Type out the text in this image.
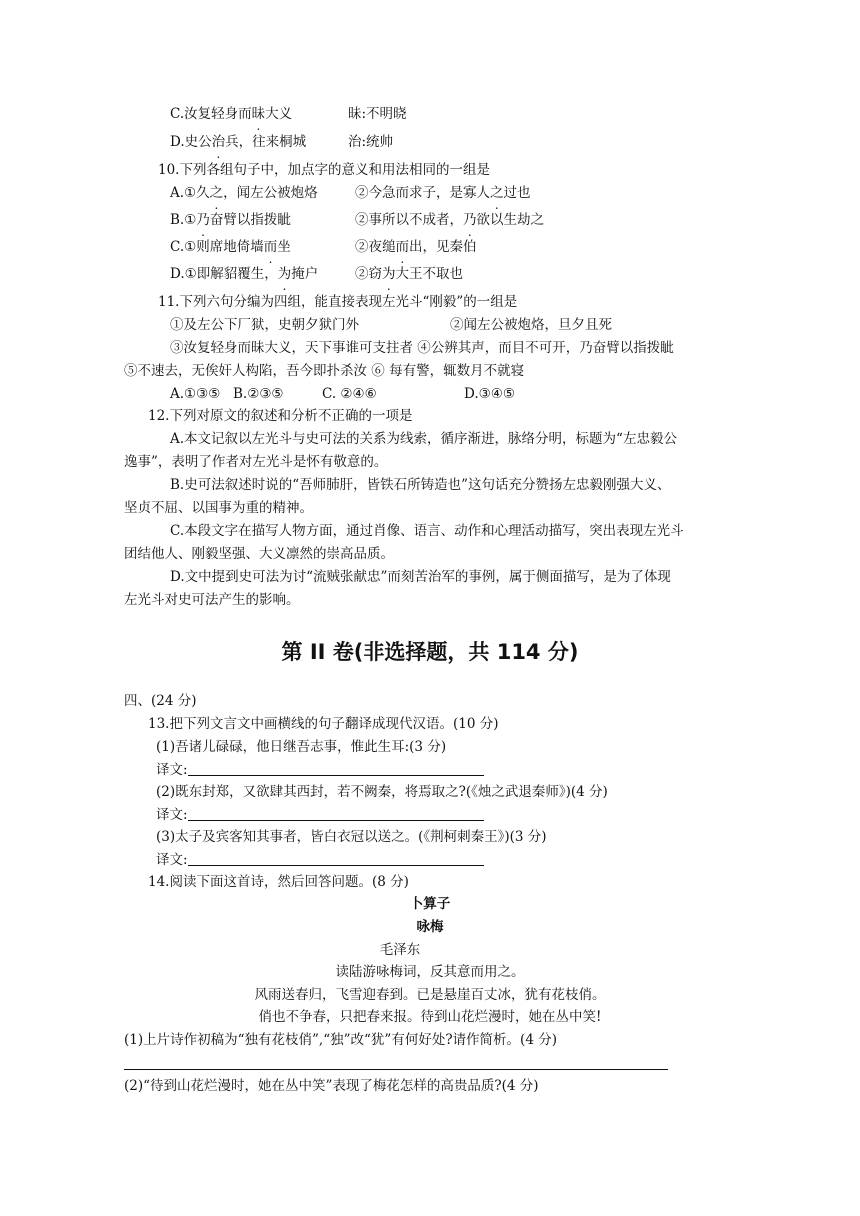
C.汝复轻身而昧大义	昧:不明晓
D.史公治兵，往来桐城	治:统帅
10.下列各组句子中，加点字的意义和用法相同的一组是
A.①久之，闻左公被炮烙	②今急而求子，是寡人之过也
B.①乃奋臂以指拨眦	②事所以不成者，乃欲以生劫之
C.①则席地倚墙而坐	②夜缒而出，见秦伯
D.①即解貂覆生，为掩户	②窃为大王不取也
11.下列六句分编为四组，能直接表现左光斗“刚毅”的一组是
①及左公下厂狱，史朝夕狱门外	②闻左公被炮烙，旦夕且死
③汝复轻身而昧大义，天下事谁可支拄者 ④公辨其声，而目不可开，乃奋臂以指拨眦
⑤不速去，无俟奸人构陷，吾今即扑杀汝 ⑥ 每有警，辄数月不就寝
A.①③⑤ B.②③⑤	C. ②④⑥	D.③④⑤
12.下列对原文的叙述和分析不正确的一项是
A.本文记叙以左光斗与史可法的关系为线索，循序渐进，脉络分明，标题为“左忠毅公
逸事”，表明了作者对左光斗是怀有敬意的。
B.史可法叙述时说的“吾师肺肝，皆铁石所铸造也”这句话充分赞扬左忠毅刚强大义、
坚贞不屈、以国事为重的精神。
C.本段文字在描写人物方面，通过肖像、语言、动作和心理活动描写，突出表现左光斗
团结他人、刚毅坚强、大义凛然的崇高品质。
D.文中提到史可法为讨“流贼张献忠”而刻苦治军的事例，属于侧面描写，是为了体现
左光斗对史可法产生的影响。
第 II 卷(非选择题，共 114 分)
四、(24 分)
13.把下列文言文中画横线的句子翻译成现代汉语。(10 分)
(1)吾诸儿碌碌，他日继吾志事，惟此生耳:(3 分)
译文:
(2)既东封郑，又欲肆其西封，若不阙秦，将焉取之?(《烛之武退秦师》)(4 分)
译文:
(3)太子及宾客知其事者，皆白衣冠以送之。(《荆柯刺秦王》)(3 分)
译文:
14.阅读下面这首诗，然后回答问题。(8 分)
卜算子
咏梅
毛泽东
读陆游咏梅词，反其意而用之。
风雨送春归，飞雪迎春到。已是悬崖百丈冰，犹有花枝俏。
俏也不争春，只把春来报。待到山花烂漫时，她在丛中笑!
(1)上片诗作初稿为“独有花枝俏”,“独”改“犹”有何好处?请作简析。(4 分)
(2)“待到山花烂漫时，她在丛中笑”表现了梅花怎样的高贵品质?(4 分)
